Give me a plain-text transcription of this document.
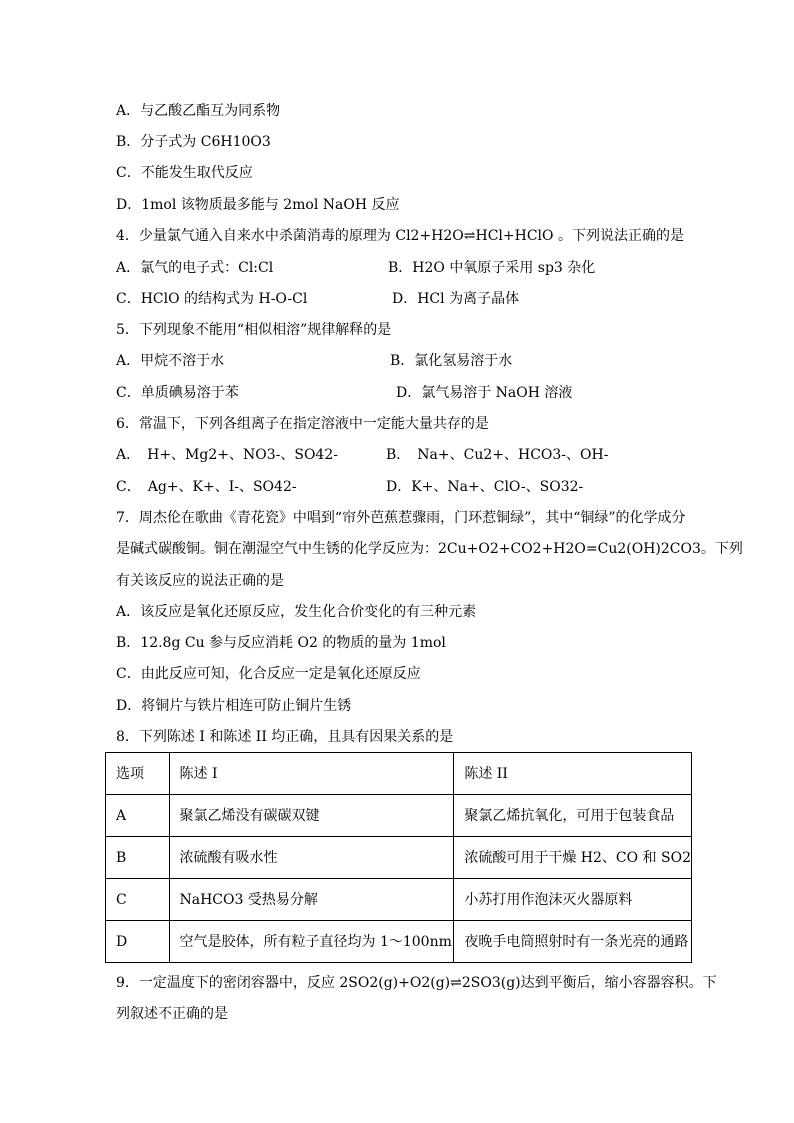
A．与乙酸乙酯互为同系物
B．分子式为 C6H10O3
C．不能发生取代反应
D．1mol 该物质最多能与 2mol NaOH 反应
4．少量氯气通入自来水中杀菌消毒的原理为 Cl2+H2O⇌HCl+HClO 。下列说法正确的是
A．氯气的电子式：Cl:Cl	B．H2O 中氧原子采用 sp3 杂化
C．HClO 的结构式为 H-O-Cl	D．HCl 为离子晶体
5．下列现象不能用“相似相溶”规律解释的是
A．甲烷不溶于水	B．氯化氢易溶于水
C．单质碘易溶于苯	D．氯气易溶于 NaOH 溶液
6．常温下，下列各组离子在指定溶液中一定能大量共存的是
A．　H+、Mg2+、NO3-、SO42-	B．　Na+、Cu2+、HCO3-、OH-
C．　Ag+、K+、I-、SO42-	D．K+、Na+、ClO-、SO32-
7．周杰伦在歌曲《青花瓷》中唱到“帘外芭蕉惹骤雨，门环惹铜绿”，其中“铜绿”的化学成分
是碱式碳酸铜。铜在潮湿空气中生锈的化学反应为：2Cu+O2+CO2+H2O=Cu2(OH)2CO3。下列
有关该反应的说法正确的是
A．该反应是氧化还原反应，发生化合价变化的有三种元素
B．12.8g Cu 参与反应消耗 O2 的物质的量为 1mol
C．由此反应可知，化合反应一定是氧化还原反应
D．将铜片与铁片相连可防止铜片生锈
8．下列陈述 I 和陈述 II 均正确，且具有因果关系的是
选项	陈述 I	陈述 II
A	聚氯乙烯没有碳碳双键	聚氯乙烯抗氧化，可用于包装食品
B	浓硫酸有吸水性	浓硫酸可用于干燥 H2、CO 和 SO2
C	NaHCO3 受热易分解	小苏打用作泡沫灭火器原料
D	空气是胶体，所有粒子直径均为 1～100nm	夜晚手电筒照射时有一条光亮的通路
9．一定温度下的密闭容器中，反应 2SO2(g)+O2(g)⇌2SO3(g)达到平衡后，缩小容器容积。下
列叙述不正确的是
